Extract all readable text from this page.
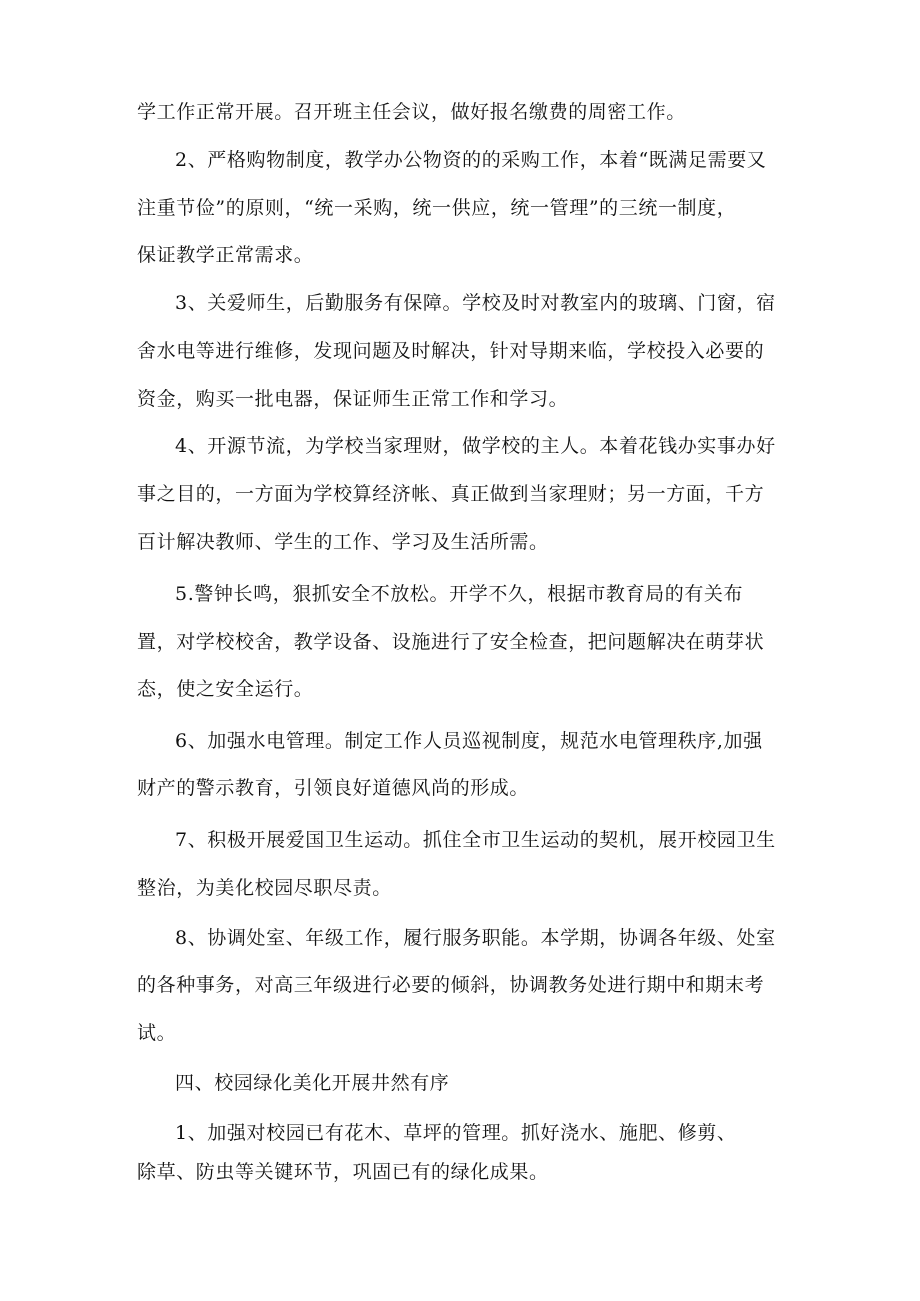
学工作正常开展。召开班主任会议，做好报名缴费的周密工作。
2、严格购物制度，教学办公物资的的采购工作，本着“既满足需要又
注重节俭”的原则，“统一采购，统一供应，统一管理”的三统一制度，
保证教学正常需求。
3、关爱师生，后勤服务有保障。学校及时对教室内的玻璃、门窗，宿
舍水电等进行维修，发现问题及时解决，针对导期来临，学校投入必要的
资金，购买一批电器，保证师生正常工作和学习。
4、开源节流，为学校当家理财，做学校的主人。本着花钱办实事办好
事之目的，一方面为学校算经济帐、真正做到当家理财；另一方面，千方
百计解决教师、学生的工作、学习及生活所需。
5.警钟长鸣，狠抓安全不放松。开学不久，根据市教育局的有关布
置，对学校校舍，教学设备、设施进行了安全检查，把问题解决在萌芽状
态，使之安全运行。
6、加强水电管理。制定工作人员巡视制度，规范水电管理秩序,加强
财产的警示教育，引领良好道德风尚的形成。
7、积极开展爱国卫生运动。抓住全市卫生运动的契机，展开校园卫生
整治，为美化校园尽职尽责。
8、协调处室、年级工作，履行服务职能。本学期，协调各年级、处室
的各种事务，对高三年级进行必要的倾斜，协调教务处进行期中和期末考
试。
四、校园绿化美化开展井然有序
1、加强对校园已有花木、草坪的管理。抓好浇水、施肥、修剪、
除草、防虫等关键环节，巩固已有的绿化成果。
